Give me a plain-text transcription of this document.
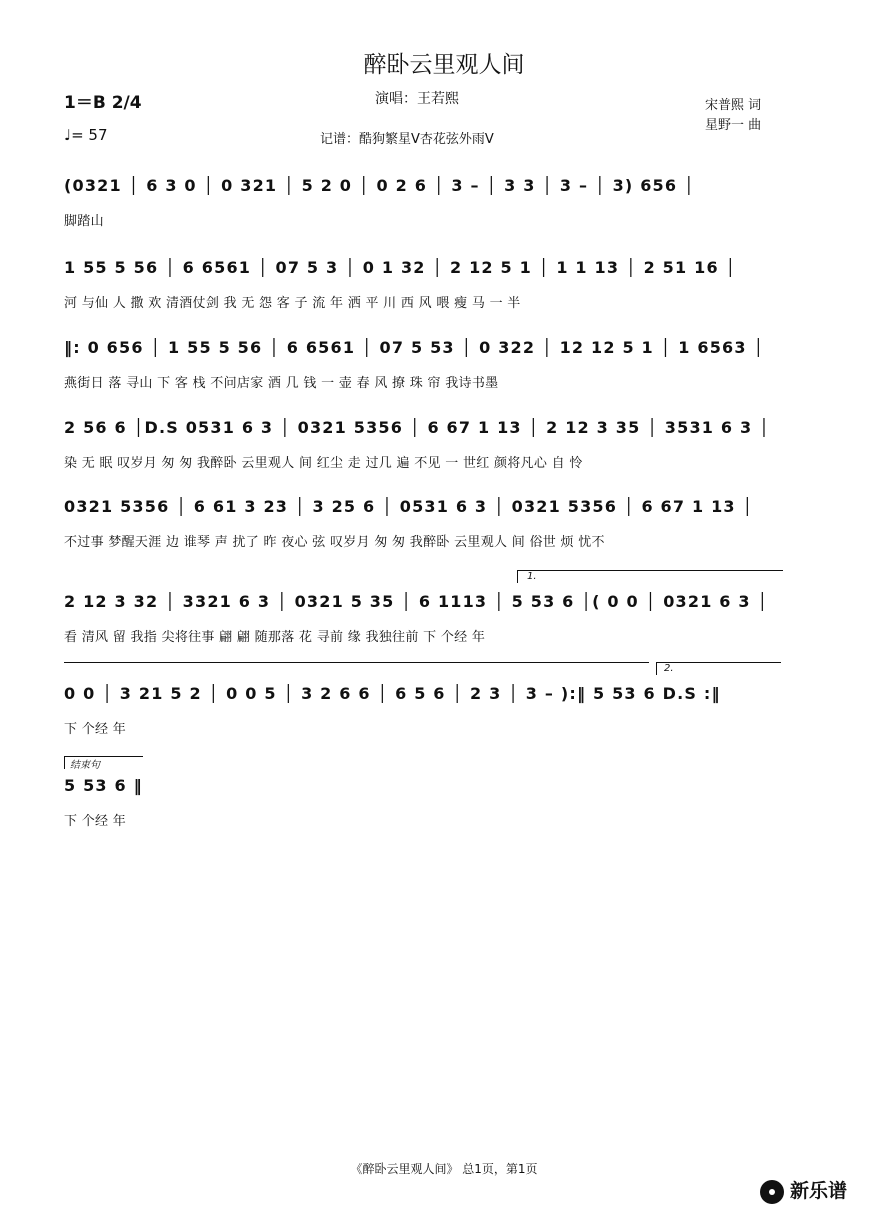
醉卧云里观人间
1＝B 2/4
♩= 57
演唱：王若熙
记谱：酷狗繁星V杏花弦外雨V
宋普熙 词
星野一 曲
(0321 │ 6 3 0 │ 0 321 │ 5 2 0 │ 0 2 6 │ 3 – │ 3 3 │ 3 – │ 3) 656 │
脚踏山
1 55 5 56 │ 6 6561 │ 07 5 3 │ 0 1 32 │ 2 12 5 1 │ 1 1 13 │ 2 51 16 │
河 与仙 人 撒 欢 清酒仗剑 我 无 怨 客 子 流 年 洒 平 川 西 风 喂 瘦 马 一 半
‖: 0 656 │ 1 55 5 56 │ 6 6561 │ 07 5 53 │ 0 322 │ 12 12 5 1 │ 1 6563 │
燕街日 落 寻山 下 客 栈 不问店家 酒 几 钱 一 壶 春 风 撩 珠 帘 我诗书墨
2 56 6 │D.S 0531 6 3 │ 0321 5356 │ 6 67 1 13 │ 2 12 3 35 │ 3531 6 3 │
染 无 眠 叹岁月 匆 匆 我醉卧 云里观人 间 红尘 走 过几 遍 不见 一 世红 颜将凡心 自 怜
0321 5356 │ 6 61 3 23 │ 3 25 6 │ 0531 6 3 │ 0321 5356 │ 6 67 1 13 │
不过事 梦醒天涯 边 谁琴 声 扰了 昨 夜心 弦 叹岁月 匆 匆 我醉卧 云里观人 间 俗世 烦 忧不
1.
2 12 3 32 │ 3321 6 3 │ 0321 5 35 │ 6 1113 │ 5 53 6 │( 0 0 │ 0321 6 3 │
看 清风 留 我指 尖将往事 翩 翩 随那落 花 寻前 缘 我独往前 下 个经 年
2.
0 0 │ 3 21 5 2 │ 0 0 5 │ 3 2 6 6 │ 6 5 6 │ 2 3 │ 3 – ):‖ 5 53 6 D.S :‖
下 个经 年
结束句
5 53 6 ‖
下 个经 年
《醉卧云里观人间》 总1页，第1页
新乐谱
